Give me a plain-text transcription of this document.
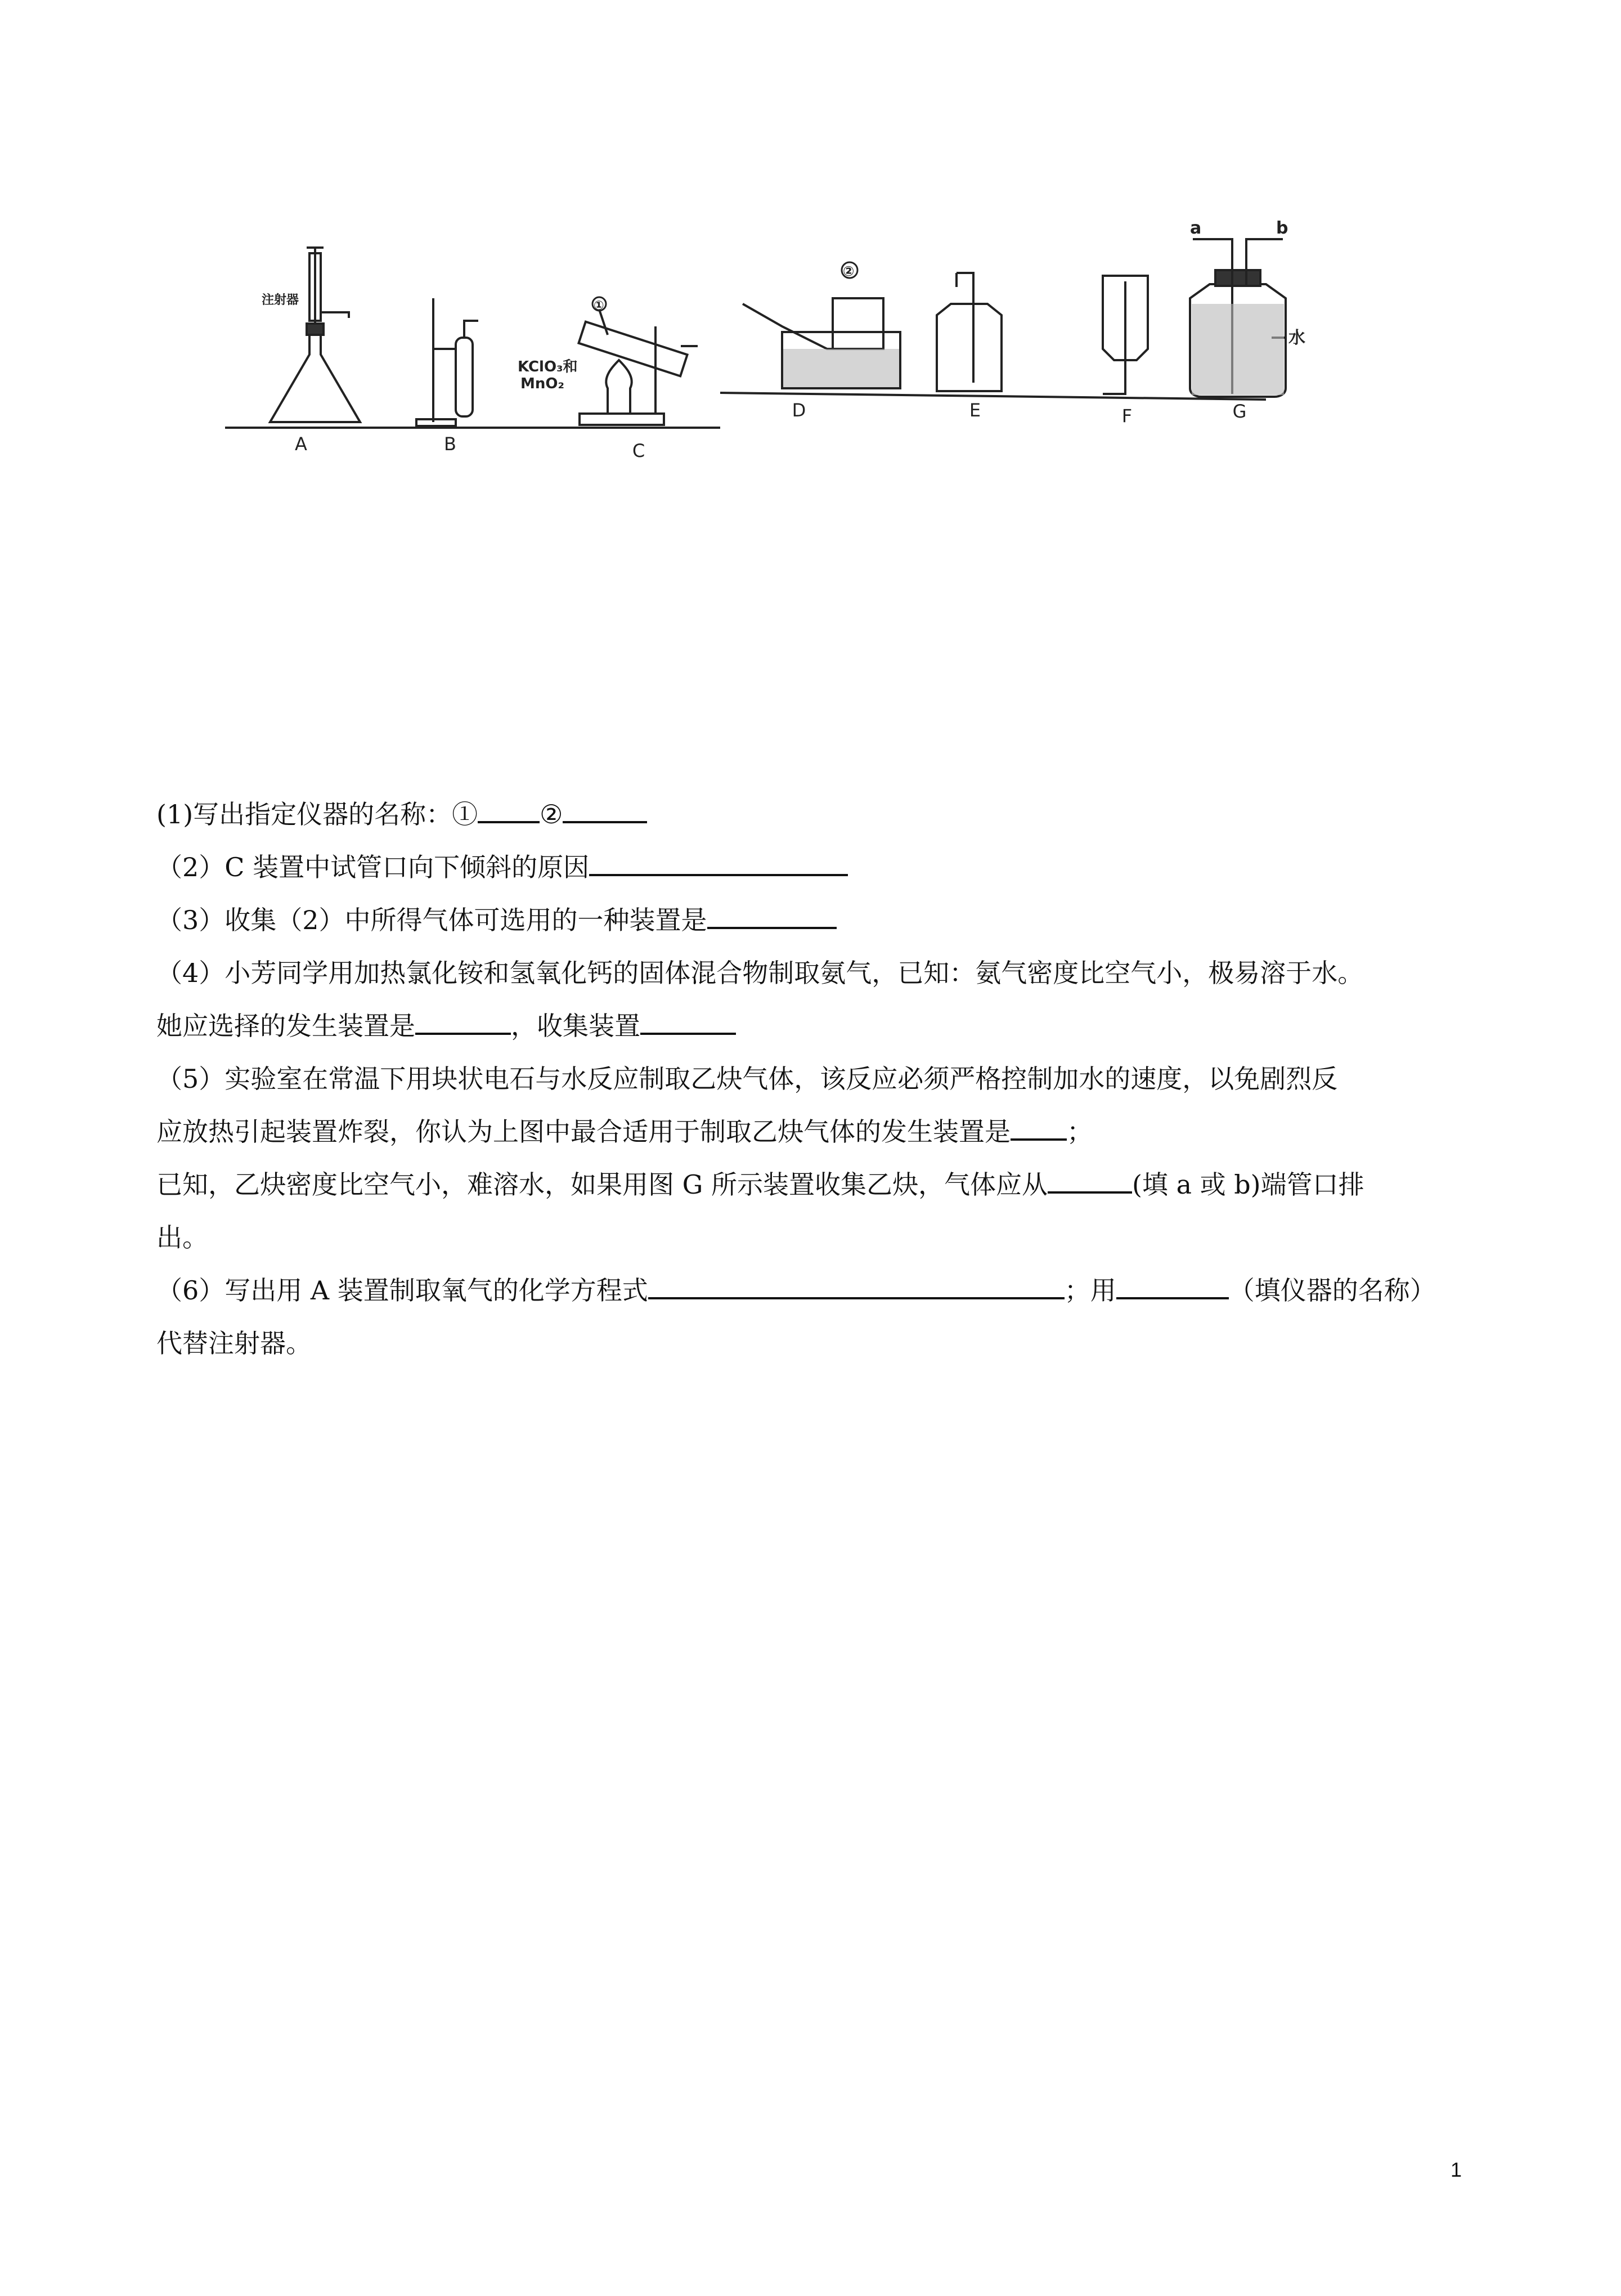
注射器
KClO₃和
MnO₂
①
②
a	b
水
A	B	C
D	E	F	G

(1)写出指定仪器的名称：① ②

（2）C 装置中试管口向下倾斜的原因

（3）收集（2）中所得气体可选用的一种装置是

（4）小芳同学用加热氯化铵和氢氧化钙的固体混合物制取氨气，已知：氨气密度比空气小，极易溶于水。

她应选择的发生装置是	，收集装置

（5）实验室在常温下用块状电石与水反应制取乙炔气体，该反应必须严格控制加水的速度，以免剧烈反

应放热引起装置炸裂，你认为上图中最合适用于制取乙炔气体的发生装置是 ；

已知，乙炔密度比空气小，难溶水，如果用图 G 所示装置收集乙炔，气体应从	(填 a 或 b)端管口排

出。

（6）写出用 A 装置制取氧气的化学方程式	；用	（填仪器的名称）

代替注射器。

1
